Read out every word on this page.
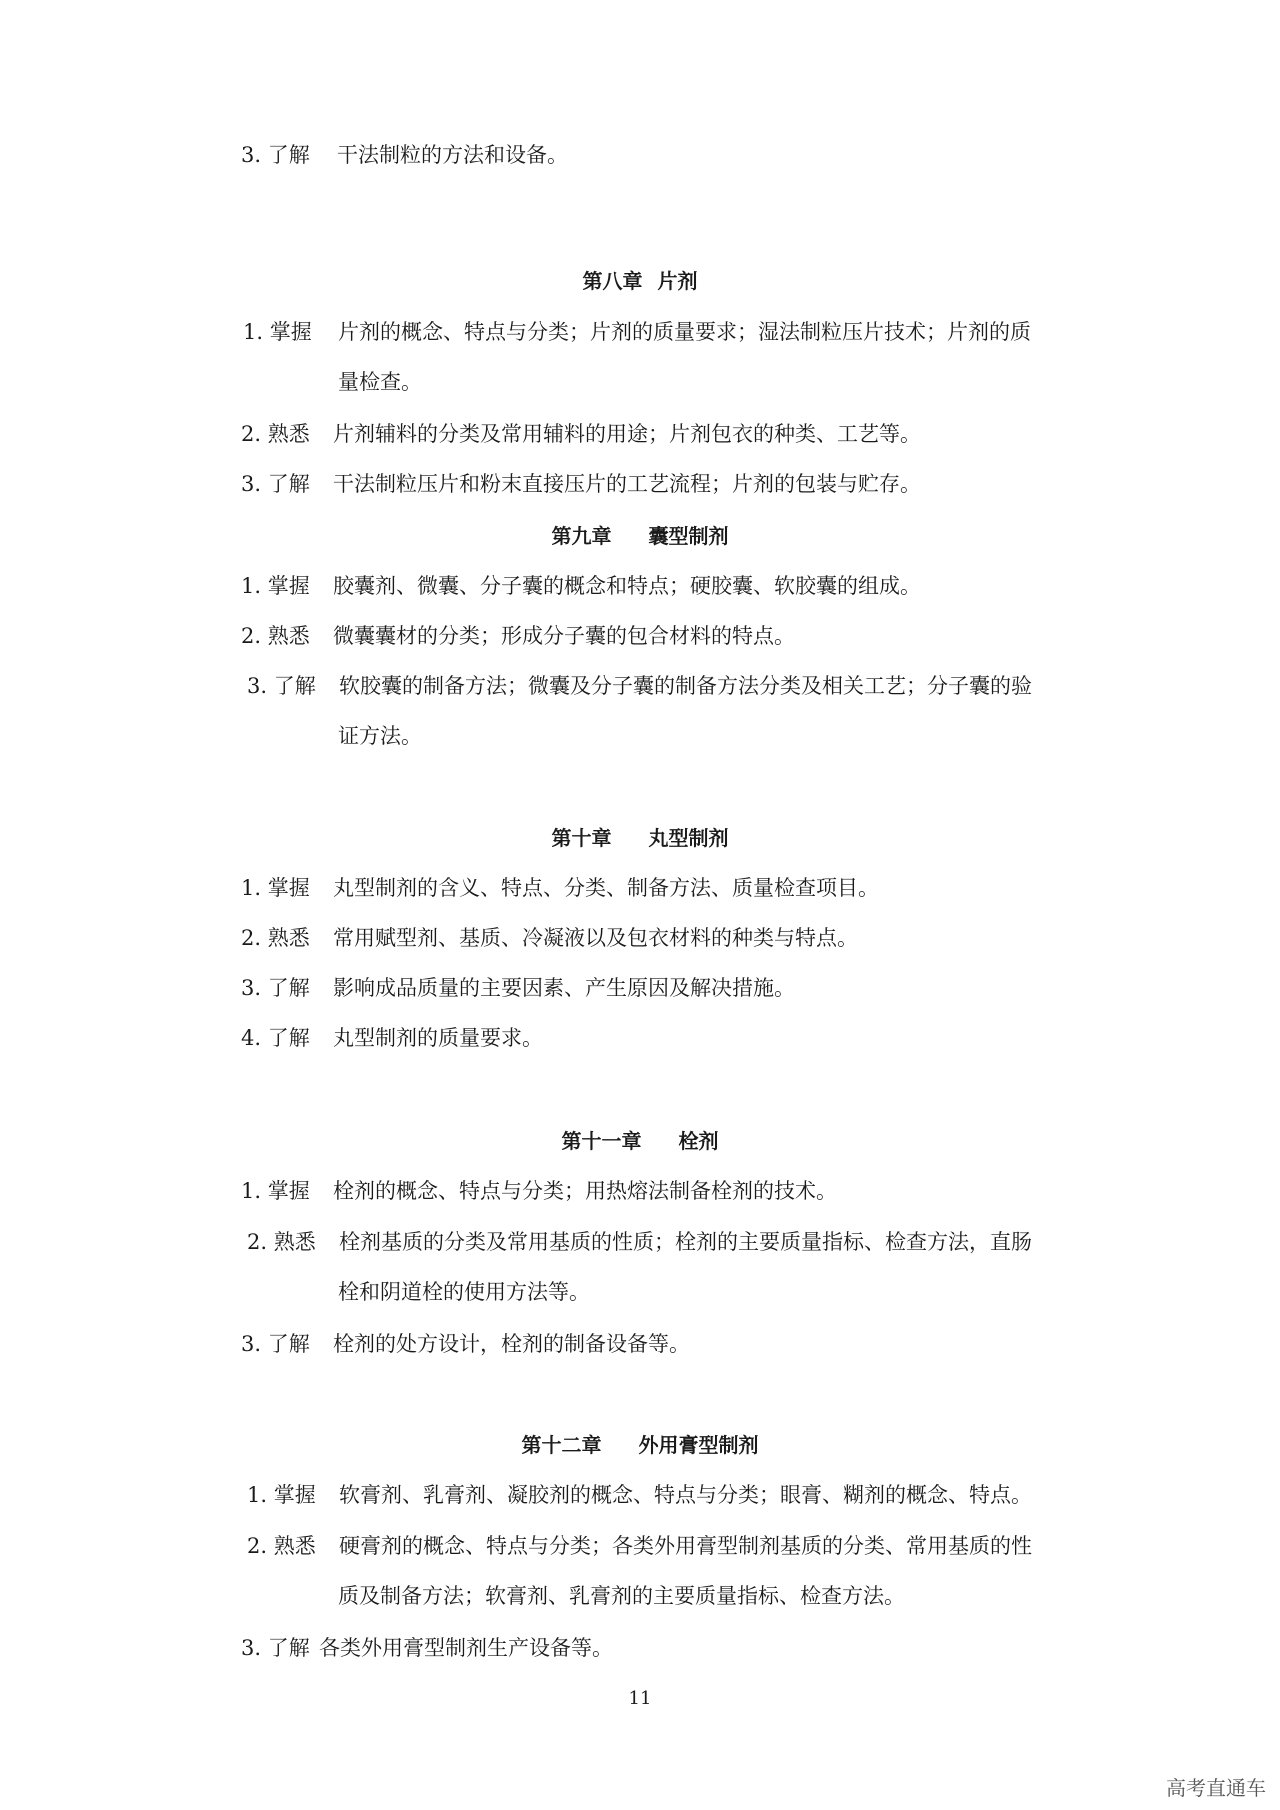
3. 了解 干法制粒的方法和设备。
第八章 片剂
1. 掌握 片剂的概念、特点与分类；片剂的质量要求；湿法制粒压片技术；片剂的质
量检查。
2. 熟悉 片剂辅料的分类及常用辅料的用途；片剂包衣的种类、工艺等。
3. 了解 干法制粒压片和粉末直接压片的工艺流程；片剂的包装与贮存。
第九章 囊型制剂
1. 掌握 胶囊剂、微囊、分子囊的概念和特点；硬胶囊、软胶囊的组成。
2. 熟悉 微囊囊材的分类；形成分子囊的包合材料的特点。
3. 了解 软胶囊的制备方法；微囊及分子囊的制备方法分类及相关工艺；分子囊的验
证方法。
第十章 丸型制剂
1. 掌握 丸型制剂的含义、特点、分类、制备方法、质量检查项目。
2. 熟悉 常用赋型剂、基质、冷凝液以及包衣材料的种类与特点。
3. 了解 影响成品质量的主要因素、产生原因及解决措施。
4. 了解 丸型制剂的质量要求。
第十一章 栓剂
1. 掌握 栓剂的概念、特点与分类；用热熔法制备栓剂的技术。
2. 熟悉 栓剂基质的分类及常用基质的性质；栓剂的主要质量指标、检查方法，直肠
栓和阴道栓的使用方法等。
3. 了解 栓剂的处方设计，栓剂的制备设备等。
第十二章 外用膏型制剂
1. 掌握 软膏剂、乳膏剂、凝胶剂的概念、特点与分类；眼膏、糊剂的概念、特点。
2. 熟悉 硬膏剂的概念、特点与分类；各类外用膏型制剂基质的分类、常用基质的性
质及制备方法；软膏剂、乳膏剂的主要质量指标、检查方法。
3. 了解 各类外用膏型制剂生产设备等。
11
高考直通车
